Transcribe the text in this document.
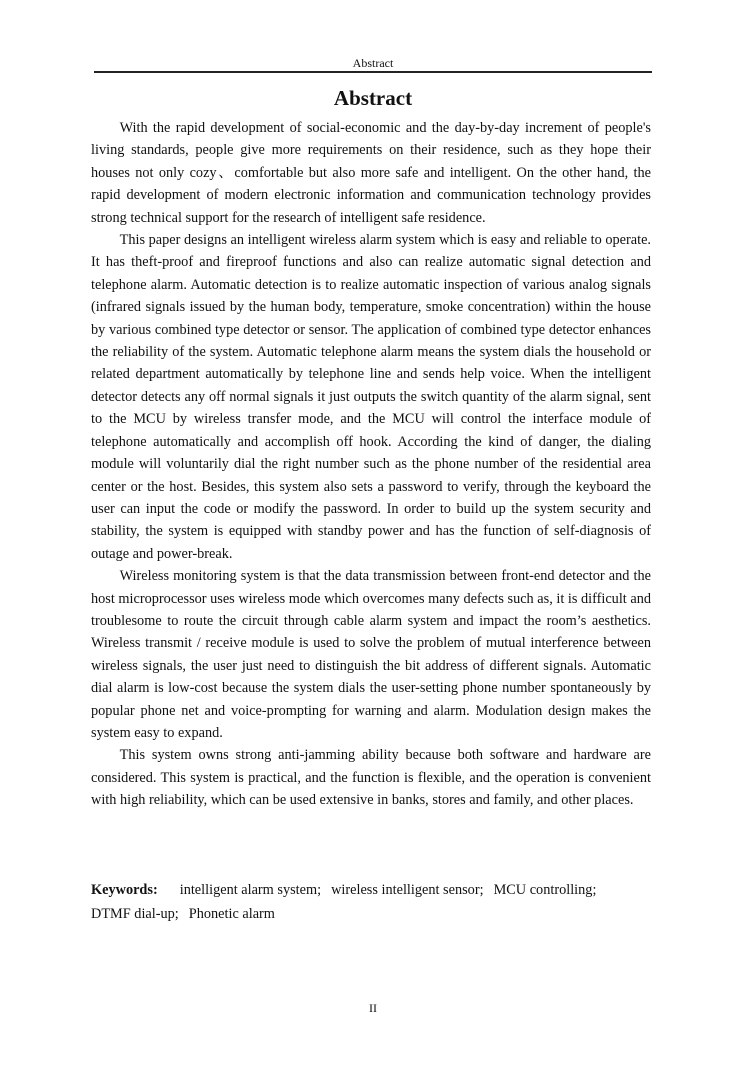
Abstract
Abstract

With the rapid development of social-economic and the day-by-day increment of people's living standards, people give more requirements on their residence, such as they hope their houses not only cozy、comfortable but also more safe and intelligent. On the other hand, the rapid development of modern electronic information and communication technology provides strong technical support for the research of intelligent safe residence.

This paper designs an intelligent wireless alarm system which is easy and reliable to operate. It has theft-proof and fireproof functions and also can realize automatic signal detection and telephone alarm. Automatic detection is to realize automatic inspection of various analog signals (infrared signals issued by the human body, temperature, smoke concentration) within the house by various combined type detector or sensor. The application of combined type detector enhances the reliability of the system. Automatic telephone alarm means the system dials the household or related department automatically by telephone line and sends help voice. When the intelligent detector detects any off normal signals it just outputs the switch quantity of the alarm signal, sent to the MCU by wireless transfer mode, and the MCU will control the interface module of telephone automatically and accomplish off hook. According the kind of danger, the dialing module will voluntarily dial the right number such as the phone number of the residential area center or the host. Besides, this system also sets a password to verify, through the keyboard the user can input the code or modify the password. In order to build up the system security and stability, the system is equipped with standby power and has the function of self-diagnosis of outage and power-break.

Wireless monitoring system is that the data transmission between front-end detector and the host microprocessor uses wireless mode which overcomes many defects such as, it is difficult and troublesome to route the circuit through cable alarm system and impact the room’s aesthetics. Wireless transmit / receive module is used to solve the problem of mutual interference between wireless signals, the user just need to distinguish the bit address of different signals. Automatic dial alarm is low-cost because the system dials the user-setting phone number spontaneously by popular phone net and voice-prompting for warning and alarm. Modulation design makes the system easy to expand.

This system owns strong anti-jamming ability because both software and hardware are considered. This system is practical, and the function is flexible, and the operation is convenient with high reliability, which can be used extensive in banks, stores and family, and other places.

Keywords: intelligent alarm system; wireless intelligent sensor; MCU controlling;
DTMF dial-up; Phonetic alarm
II
